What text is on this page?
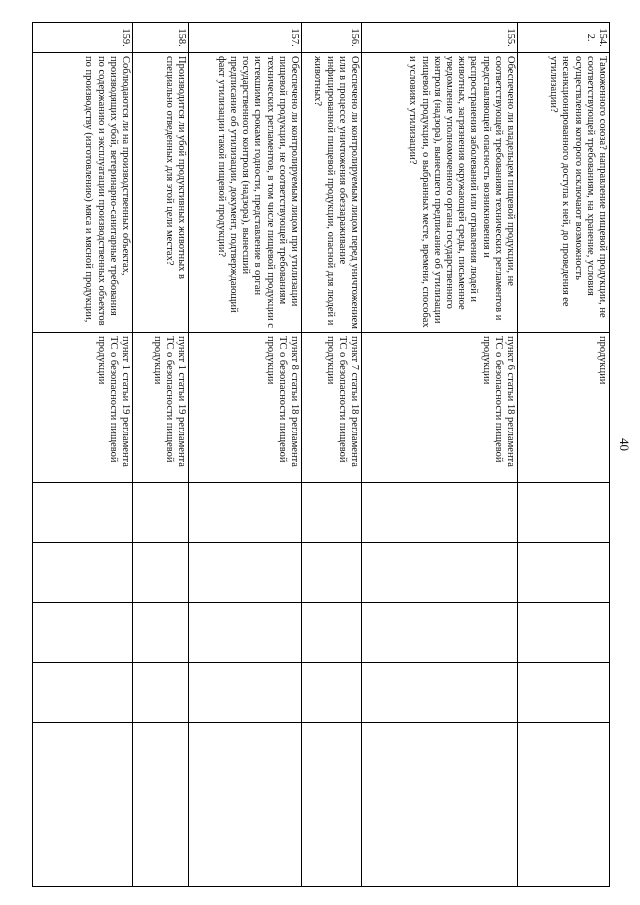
40
154.2.	Таможенного союза? направление пищевой продукции, не соответствующей требованиям, на хранение, условия осуществления которого исключают возможность несанкционированного доступа к ней, до проведения ее утилизации?	продукции					
155.	Обеспечено ли владельцем пищевой продукции, не соответствующей требованиям технических регламентов и представляющей опасность возникновения и распространения заболеваний или отравления людей и животных, загрязнения окружающей среды, письменное уведомление уполномоченного органа государственного контроля (надзора), вынесшего предписание об утилизации пищевой продукции, о выбранных месте, времени, способах и условиях утилизации?	пункт 6 статьи 18 регламента ТС о безопасности пищевой продукции					
156.	Обеспечено ли контролируемым лицом перед уничтожением или в процессе уничтожения обеззараживание инфицированной пищевой продукции, опасной для людей и животных?	пункт 7 статьи 18 регламента ТС о безопасности пищевой продукции					
157.	Обеспечено ли контролируемым лицом при утилизации пищевой продукции, не соответствующей требованиям технических регламентов, в том числе пищевой продукции с истекшими сроками годности, представление в орган государственного контроля (надзора), вынесший предписание об утилизации, документ, подтверждающий факт утилизации такой пищевой продукции?	пункт 8 статьи 18 регламента ТС о безопасности пищевой продукции					
158.	Производится ли убой продуктивных животных в специально отведенных для этой цели местах?	пункт 1 статьи 19 регламента ТС о безопасности пищевой продукции					
159.	Соблюдаются ли на производственных объектах, производящих убой, ветеринарно-санитарные требования по содержанию и эксплуатации производственных объектов по производству (изготовлению) мяса и мясной продукции,	пункт 1 статьи 19 регламента ТС о безопасности пищевой продукции					
